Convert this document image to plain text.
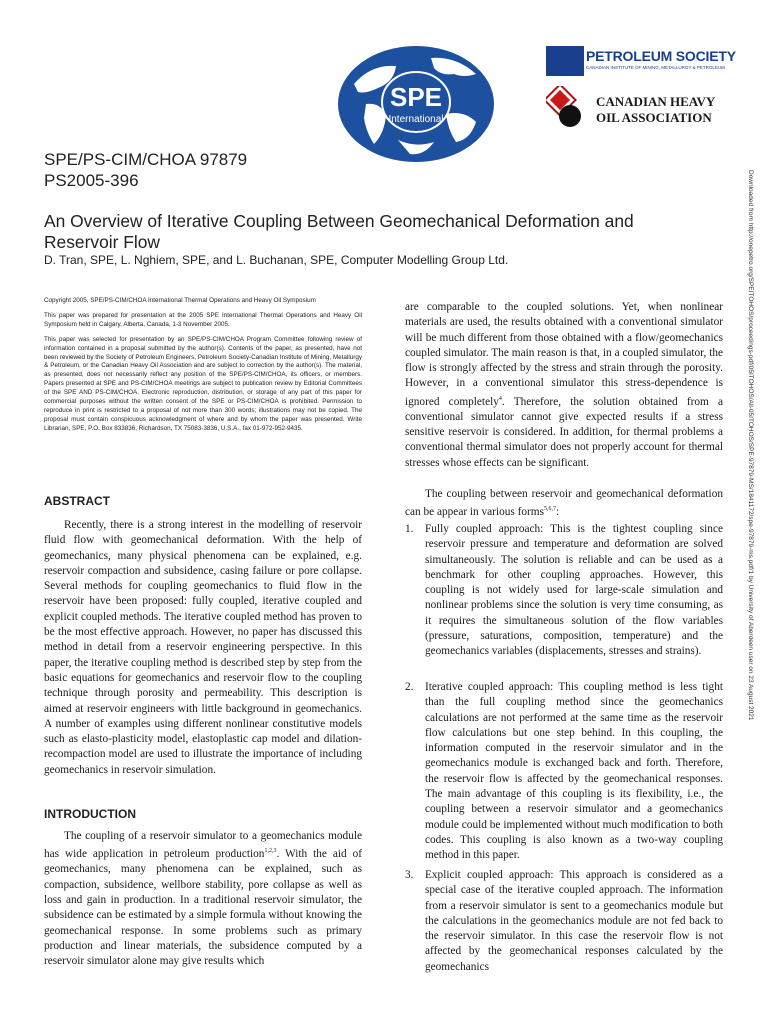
SPE
International
PETROLEUM SOCIETY
CANADIAN INSTITUTE OF MINING, METALLURGY & PETROLEUM
CANADIAN HEAVY
OIL ASSOCIATION
SPE/PS-CIM/CHOA 97879
PS2005-396
An Overview of Iterative Coupling Between Geomechanical Deformation and Reservoir Flow
D. Tran, SPE, L. Nghiem, SPE, and L. Buchanan, SPE, Computer Modelling Group Ltd.

Copyright 2005, SPE/PS-CIM/CHOA International Thermal Operations and Heavy Oil Symposium

This paper was prepared for presentation at the 2005 SPE International Thermal Operations and Heavy Oil Symposium held in Calgary, Alberta, Canada, 1-3 November 2005.

This paper was selected for presentation by an SPE/PS-CIM/CHOA Program Committee following review of information contained in a proposal submitted by the author(s). Contents of the paper, as presented, have not been reviewed by the Society of Petroleum Engineers, Petroleum Society-Canadian Institute of Mining, Metallurgy & Petroleum, or the Canadian Heavy Oil Association and are subject to correction by the author(s). The material, as presented, does not necessarily reflect any position of the SPE/PS-CIM/CHOA, its officers, or members. Papers presented at SPE and PS-CIM/CHOA meetings are subject to publication review by Editorial Committees of the SPE AND PS-CIM/CHOA. Electronic reproduction, distribution, or storage of any part of this paper for commercial purposes without the written consent of the SPE or PS-CIM/CHOA is prohibited. Permission to reproduce in print is restricted to a proposal of not more than 300 words; illustrations may not be copied. The proposal must contain conspicuous acknowledgment of where and by whom the paper was presented. Write Librarian, SPE, P.O. Box 833836, Richardson, TX 75083-3836, U.S.A., fax 01-972-952-9435.

ABSTRACT

Recently, there is a strong interest in the modelling of reservoir fluid flow with geomechanical deformation. With the help of geomechanics, many physical phenomena can be explained, e.g. reservoir compaction and subsidence, casing failure or pore collapse. Several methods for coupling geomechanics to fluid flow in the reservoir have been proposed: fully coupled, iterative coupled and explicit coupled methods. The iterative coupled method has proven to be the most effective approach. However, no paper has discussed this method in detail from a reservoir engineering perspective. In this paper, the iterative coupling method is described step by step from the basic equations for geomechanics and reservoir flow to the coupling technique through porosity and permeability. This description is aimed at reservoir engineers with little background in geomechanics. A number of examples using different nonlinear constitutive models such as elasto-plasticity model, elastoplastic cap model and dilation-recompaction model are used to illustrate the importance of including geomechanics in reservoir simulation.

INTRODUCTION

The coupling of a reservoir simulator to a geomechanics module has wide application in petroleum production$^{1,2,3}$. With the aid of geomechanics, many phenomena can be explained, such as compaction, subsidence, wellbore stability, pore collapse as well as loss and gain in production. In a traditional reservoir simulator, the subsidence can be estimated by a simple formula without knowing the geomechanical response. In some problems such as primary production and linear materials, the subsidence computed by a reservoir simulator alone may give results which

are comparable to the coupled solutions. Yet, when nonlinear materials are used, the results obtained with a conventional simulator will be much different from those obtained with a flow/geomechanics coupled simulator. The main reason is that, in a coupled simulator, the flow is strongly affected by the stress and strain through the porosity. However, in a conventional simulator this stress-dependence is ignored completely$^4$. Therefore, the solution obtained from a conventional simulator cannot give expected results if a stress sensitive reservoir is considered. In addition, for thermal problems a conventional thermal simulator does not properly account for thermal stresses whose effects can be significant.

The coupling between reservoir and geomechanical deformation can be appear in various forms$^{5,6,7}$:

1. Fully coupled approach: This is the tightest coupling since reservoir pressure and temperature and deformation are solved simultaneously. The solution is reliable and can be used as a benchmark for other coupling approaches. However, this coupling is not widely used for large-scale simulation and nonlinear problems since the solution is very time consuming, as it requires the simultaneous solution of the flow variables (pressure, saturations, composition, temperature) and the geomechanics variables (displacements, stresses and strains).

2. Iterative coupled approach: This coupling method is less tight than the full coupling method since the geomechanics calculations are not performed at the same time as the reservoir flow calculations but one step behind. In this coupling, the information computed in the reservoir simulator and in the geomechanics module is exchanged back and forth. Therefore, the reservoir flow is affected by the geomechanical responses. The main advantage of this coupling is its flexibility, i.e., the coupling between a reservoir simulator and a geomechanics module could be implemented without much modification to both codes. This coupling is also known as a two-way coupling method in this paper.

3. Explicit coupled approach: This approach is considered as a special case of the iterative coupled approach. The information from a reservoir simulator is sent to a geomechanics module but the calculations in the geomechanics module are not fed back to the reservoir simulator. In this case the reservoir flow is not affected by the geomechanical responses calculated by the geomechanics

Downloaded from http://onepetro.org/SPEITOHOS/proceedings-pdf/05ITOHOS/All-05ITOHOS/SPE-97879-MS/1841172/spe-97879-ms.pdf/1 by University of Aberdeen user on 23 August 2021
